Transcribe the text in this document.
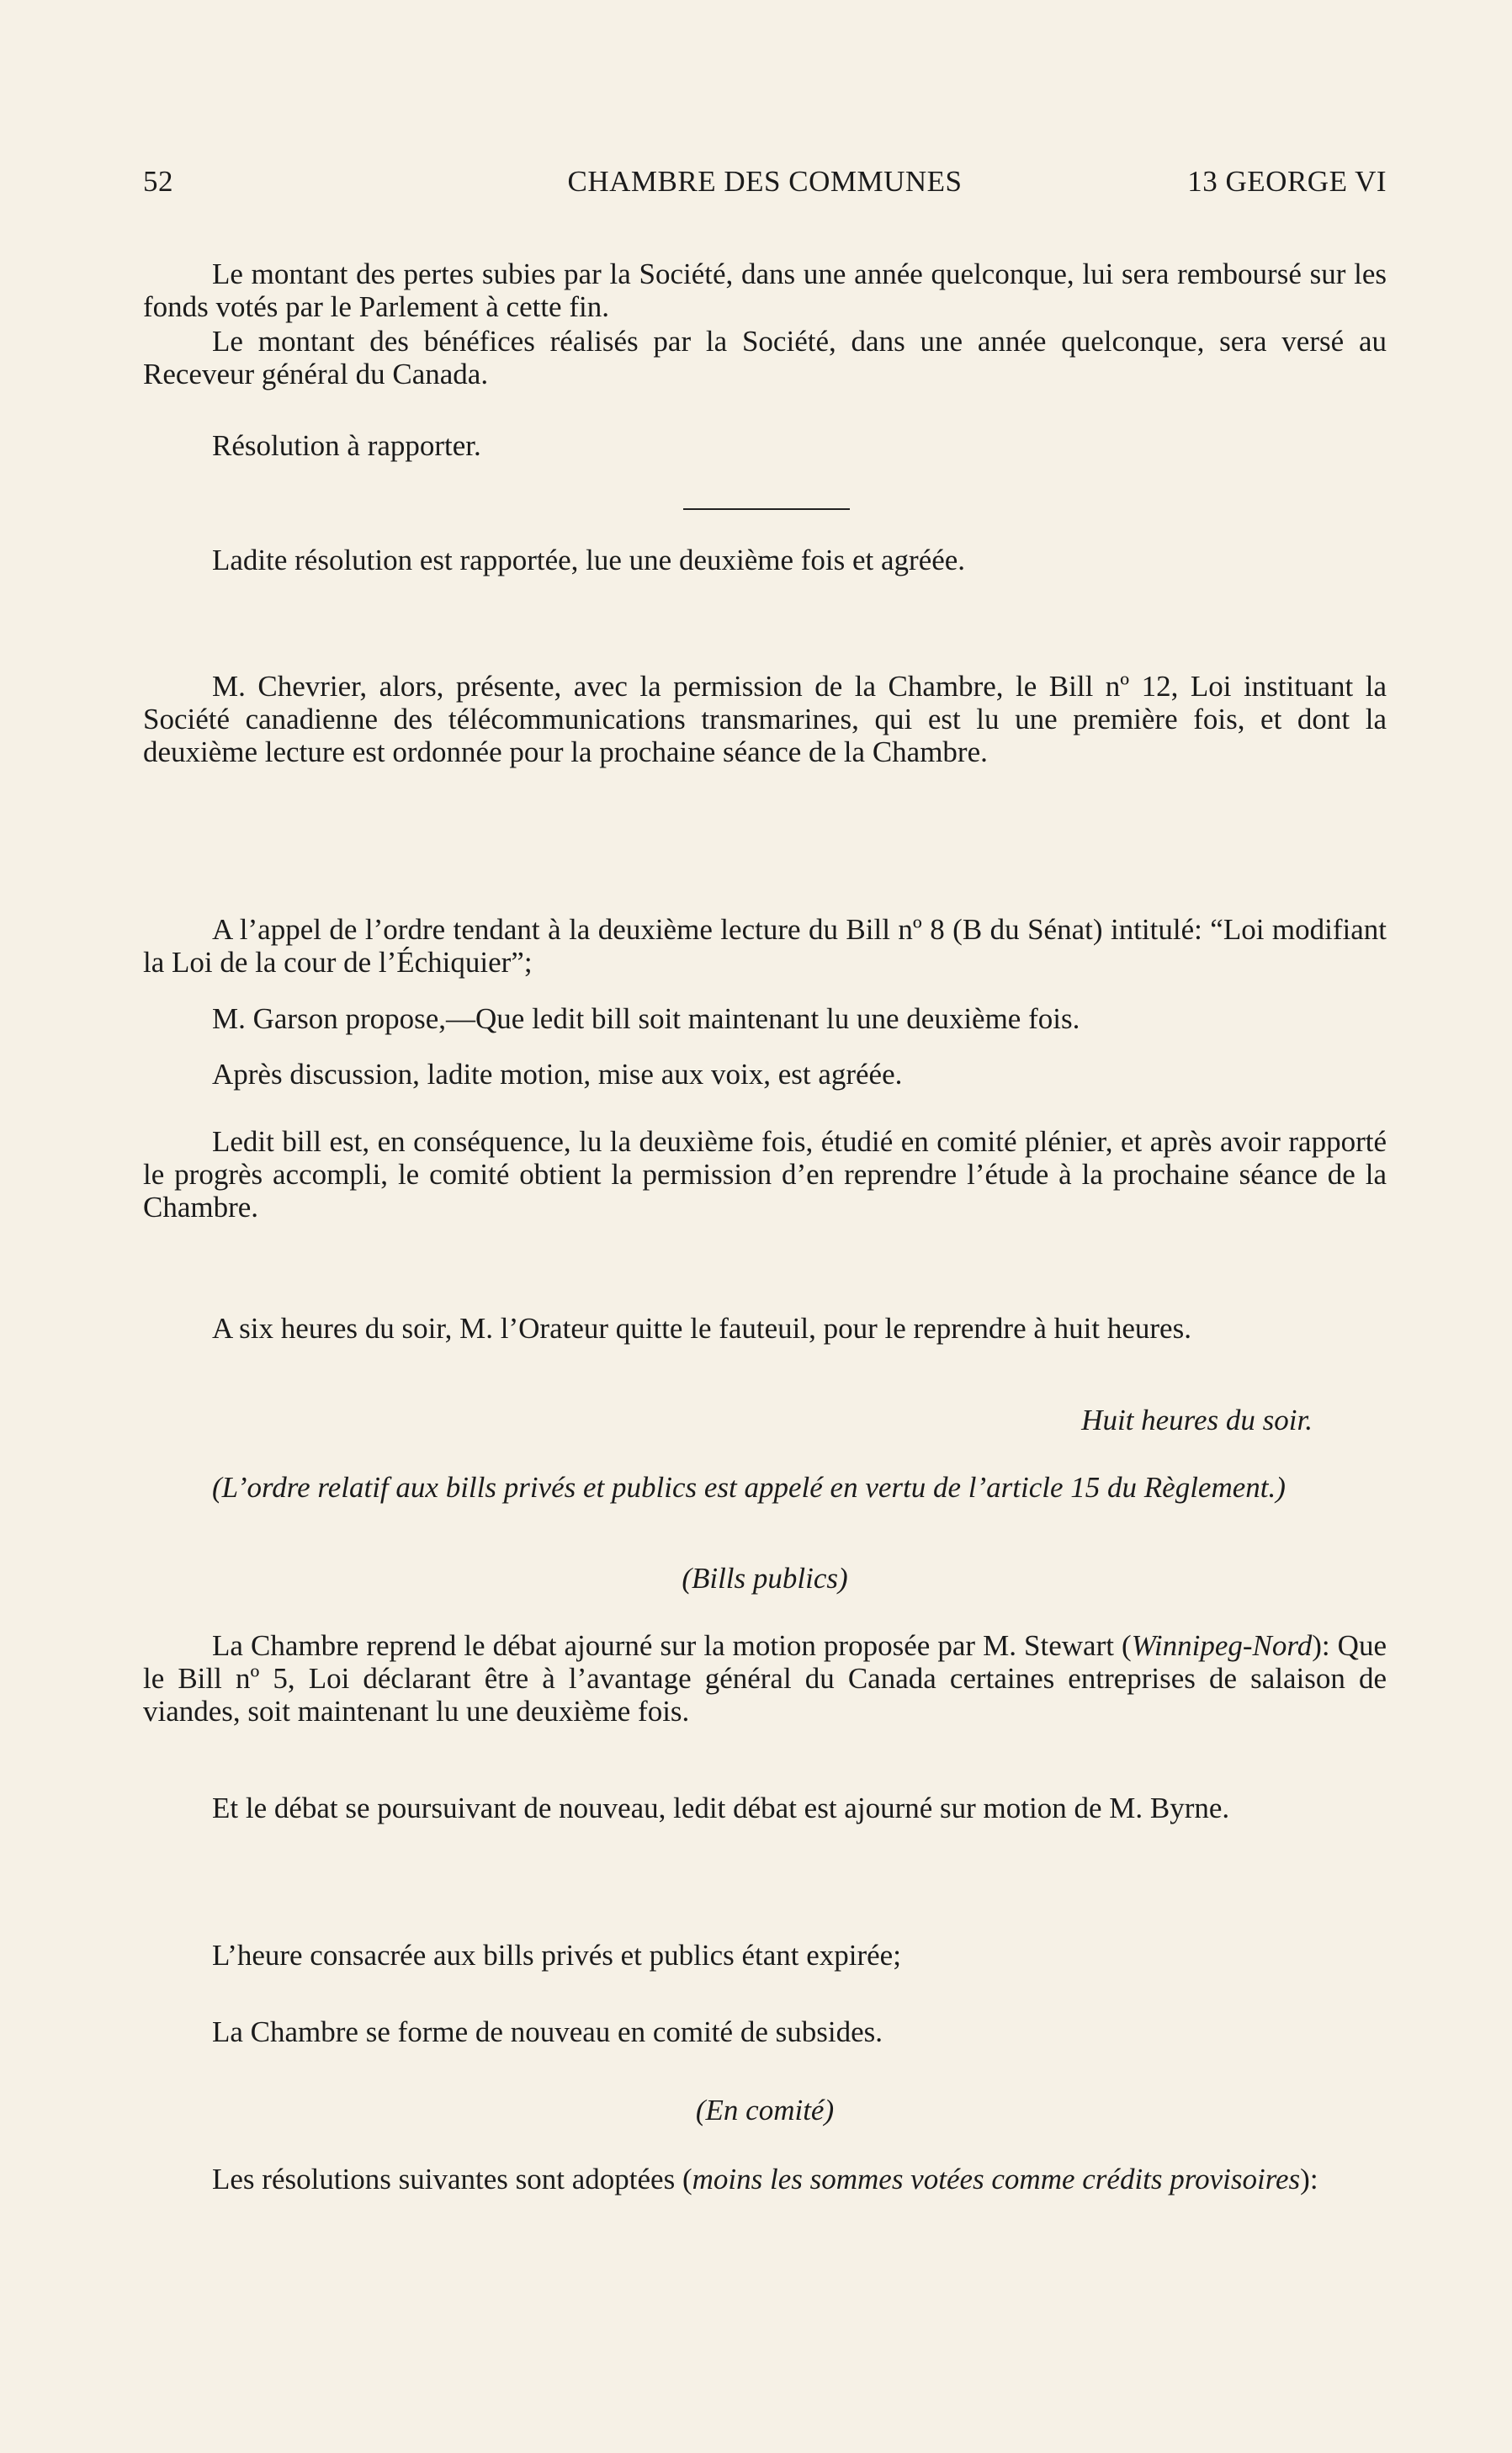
52	CHAMBRE DES COMMUNES	13 GEORGE VI

Le montant des pertes subies par la Société, dans une année quelconque, lui sera remboursé sur les fonds votés par le Parlement à cette fin.

Le montant des bénéfices réalisés par la Société, dans une année quelconque, sera versé au Receveur général du Canada.

Résolution à rapporter.

Ladite résolution est rapportée, lue une deuxième fois et agréée.

M. Chevrier, alors, présente, avec la permission de la Chambre, le Bill nº 12, Loi instituant la Société canadienne des télécommunications transmarines, qui est lu une première fois, et dont la deuxième lecture est ordonnée pour la prochaine séance de la Chambre.

A l’appel de l’ordre tendant à la deuxième lecture du Bill nº 8 (B du Sénat) intitulé: “Loi modifiant la Loi de la cour de l’Échiquier”;

M. Garson propose,—Que ledit bill soit maintenant lu une deuxième fois.

Après discussion, ladite motion, mise aux voix, est agréée.

Ledit bill est, en conséquence, lu la deuxième fois, étudié en comité plénier, et après avoir rapporté le progrès accompli, le comité obtient la permission d’en reprendre l’étude à la prochaine séance de la Chambre.

A six heures du soir, M. l’Orateur quitte le fauteuil, pour le reprendre à huit heures.

Huit heures du soir.

(L’ordre relatif aux bills privés et publics est appelé en vertu de l’article 15 du Règlement.)

(Bills publics)

La Chambre reprend le débat ajourné sur la motion proposée par M. Stewart (Winnipeg-Nord): Que le Bill nº 5, Loi déclarant être à l’avantage général du Canada certaines entreprises de salaison de viandes, soit maintenant lu une deuxième fois.

Et le débat se poursuivant de nouveau, ledit débat est ajourné sur motion de M. Byrne.

L’heure consacrée aux bills privés et publics étant expirée;

La Chambre se forme de nouveau en comité de subsides.

(En comité)

Les résolutions suivantes sont adoptées (moins les sommes votées comme crédits provisoires):
